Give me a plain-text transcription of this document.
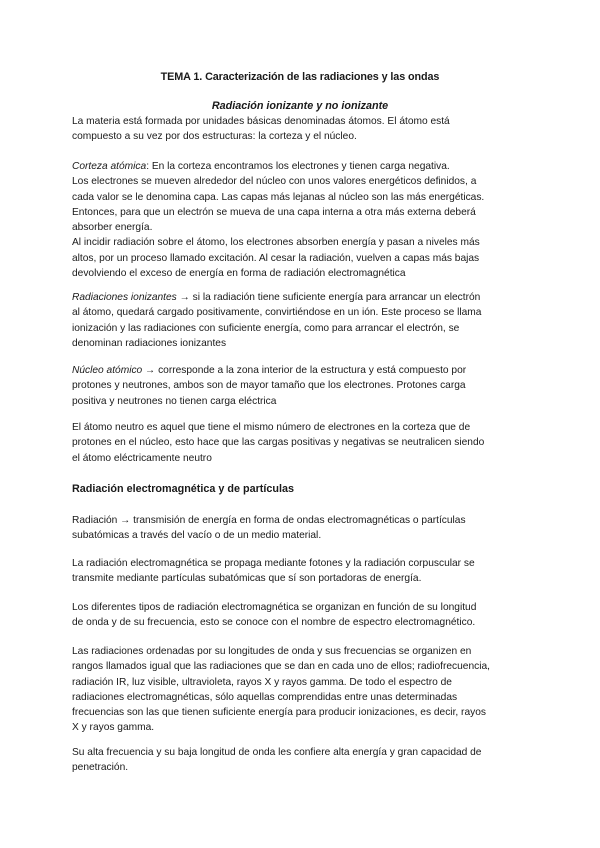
TEMA 1. Caracterización de las radiaciones y las ondas
Radiación ionizante y no ionizante
La materia está formada por unidades básicas denominadas átomos. El átomo está
compuesto a su vez por dos estructuras: la corteza y el núcleo.
Corteza atómica: En la corteza encontramos los electrones y tienen carga negativa.
Los electrones se mueven alrededor del núcleo con unos valores energéticos definidos, a
cada valor se le denomina capa. Las capas más lejanas al núcleo son las más energéticas.
Entonces, para que un electrón se mueva de una capa interna a otra más externa deberá
absorber energía.
Al incidir radiación sobre el átomo, los electrones absorben energía y pasan a niveles más
altos, por un proceso llamado excitación. Al cesar la radiación, vuelven a capas más bajas
devolviendo el exceso de energía en forma de radiación electromagnética
Radiaciones ionizantes → si la radiación tiene suficiente energía para arrancar un electrón
al átomo, quedará cargado positivamente, convirtiéndose en un ión. Este proceso se llama
ionización y las radiaciones con suficiente energía, como para arrancar el electrón, se
denominan radiaciones ionizantes
Núcleo atómico → corresponde a la zona interior de la estructura y está compuesto por
protones y neutrones, ambos son de mayor tamaño que los electrones. Protones carga
positiva y neutrones no tienen carga eléctrica
El átomo neutro es aquel que tiene el mismo número de electrones en la corteza que de
protones en el núcleo, esto hace que las cargas positivas y negativas se neutralicen siendo
el átomo eléctricamente neutro
Radiación electromagnética y de partículas
Radiación → transmisión de energía en forma de ondas electromagnéticas o partículas
subatómicas a través del vacío o de un medio material.
La radiación electromagnética se propaga mediante fotones y la radiación corpuscular se
transmite mediante partículas subatómicas que sí son portadoras de energía.
Los diferentes tipos de radiación electromagnética se organizan en función de su longitud
de onda y de su frecuencia, esto se conoce con el nombre de espectro electromagnético.
Las radiaciones ordenadas por su longitudes de onda y sus frecuencias se organizen en
rangos llamados igual que las radiaciones que se dan en cada uno de ellos; radiofrecuencia,
radiación IR, luz visible, ultravioleta, rayos X y rayos gamma. De todo el espectro de
radiaciones electromagnéticas, sólo aquellas comprendidas entre unas determinadas
frecuencias son las que tienen suficiente energía para producir ionizaciones, es decir, rayos
X y rayos gamma.
Su alta frecuencia y su baja longitud de onda les confiere alta energía y gran capacidad de
penetración.
